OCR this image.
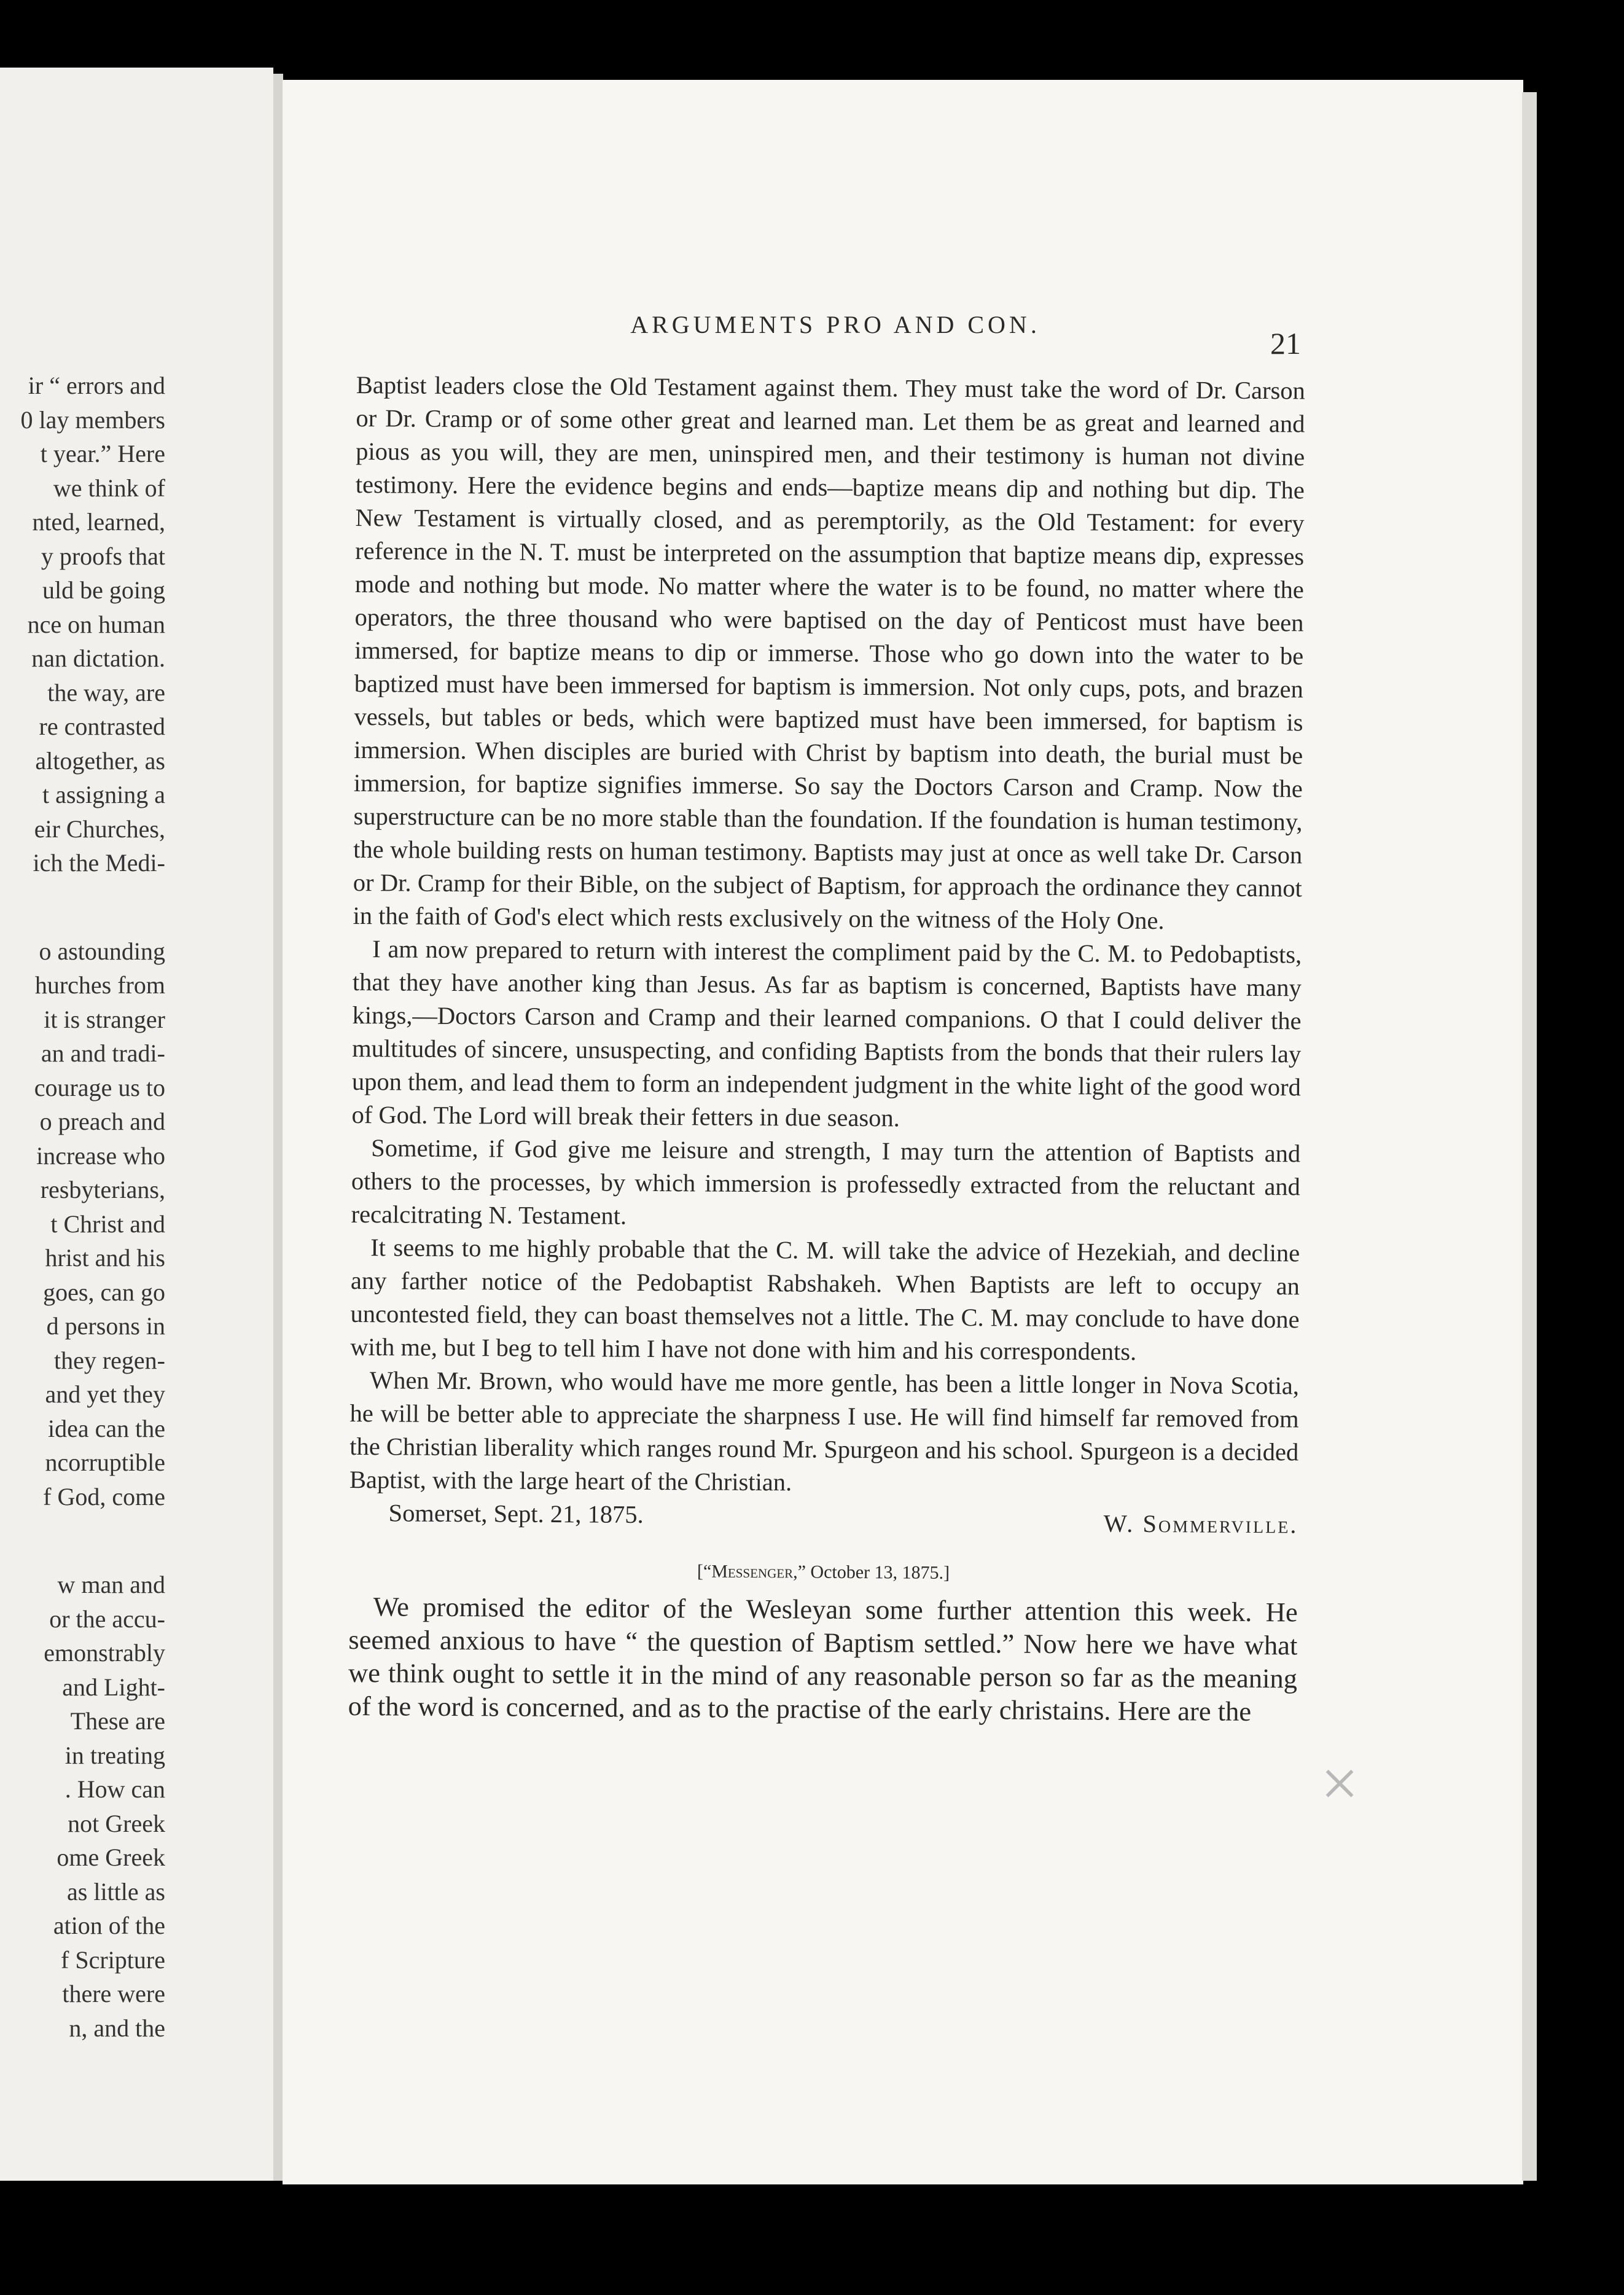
ir “ errors and
0 lay members
t year.” Here
we think of
nted, learned,
y proofs that
uld be going
nce on human
nan dictation.
the way, are
re contrasted
altogether, as
t assigning a
eir Churches,
ich the Medi-
o astounding
hurches from
it is stranger
an and tradi-
courage us to
o preach and
increase who
resbyterians,
t Christ and
hrist and his
goes, can go
d persons in
they regen-
and yet they
idea can the
ncorruptible
f God, come
w man and
or the accu-
emonstrably
and Light-
These are
in treating
. How can
not Greek
ome Greek
as little as
ation of the
f Scripture
there were
n, and the
ARGUMENTS PRO AND CON.
21

Baptist leaders close the Old Testament against them. They must take the word of Dr. Carson or Dr. Cramp or of some other great and learned man. Let them be as great and learned and pious as you will, they are men, uninspired men, and their testimony is human not divine testimony. Here the evidence begins and ends—baptize means dip and nothing but dip. The New Testament is virtually closed, and as peremptorily, as the Old Testament: for every reference in the N. T. must be interpreted on the assumption that baptize means dip, expresses mode and nothing but mode. No matter where the water is to be found, no matter where the operators, the three thousand who were baptised on the day of Penticost must have been immersed, for baptize means to dip or immerse. Those who go down into the water to be baptized must have been immersed for baptism is immersion. Not only cups, pots, and brazen vessels, but tables or beds, which were baptized must have been immersed, for baptism is immersion. When disciples are buried with Christ by baptism into death, the burial must be immersion, for baptize signifies immerse. So say the Doctors Carson and Cramp. Now the superstructure can be no more stable than the foundation. If the foundation is human testimony, the whole building rests on human testimony. Baptists may just at once as well take Dr. Carson or Dr. Cramp for their Bible, on the subject of Baptism, for approach the ordinance they cannot in the faith of God's elect which rests exclusively on the witness of the Holy One.

I am now prepared to return with interest the compliment paid by the C. M. to Pedobaptists, that they have another king than Jesus. As far as baptism is concerned, Baptists have many kings,—Doctors Carson and Cramp and their learned companions. O that I could deliver the multitudes of sincere, unsuspecting, and confiding Baptists from the bonds that their rulers lay upon them, and lead them to form an independent judgment in the white light of the good word of God. The Lord will break their fetters in due season.

Sometime, if God give me leisure and strength, I may turn the attention of Baptists and others to the processes, by which immersion is professedly extracted from the reluctant and recalcitrating N. Testament.

It seems to me highly probable that the C. M. will take the advice of Hezekiah, and decline any farther notice of the Pedobaptist Rabshakeh. When Baptists are left to occupy an uncontested field, they can boast themselves not a little. The C. M. may conclude to have done with me, but I beg to tell him I have not done with him and his correspondents.

When Mr. Brown, who would have me more gentle, has been a little longer in Nova Scotia, he will be better able to appreciate the sharpness I use. He will find himself far removed from the Christian liberality which ranges round Mr. Spurgeon and his school. Spurgeon is a decided Baptist, with the large heart of the Christian.

Somerset, Sept. 21, 1875.	W. Sommerville.
[“Messenger,” October 13, 1875.]

We promised the editor of the Wesleyan some further attention this week. He seemed anxious to have “ the question of Baptism settled.” Now here we have what we think ought to settle it in the mind of any reasonable person so far as the meaning of the word is concerned, and as to the practise of the early christains. Here are the

×
